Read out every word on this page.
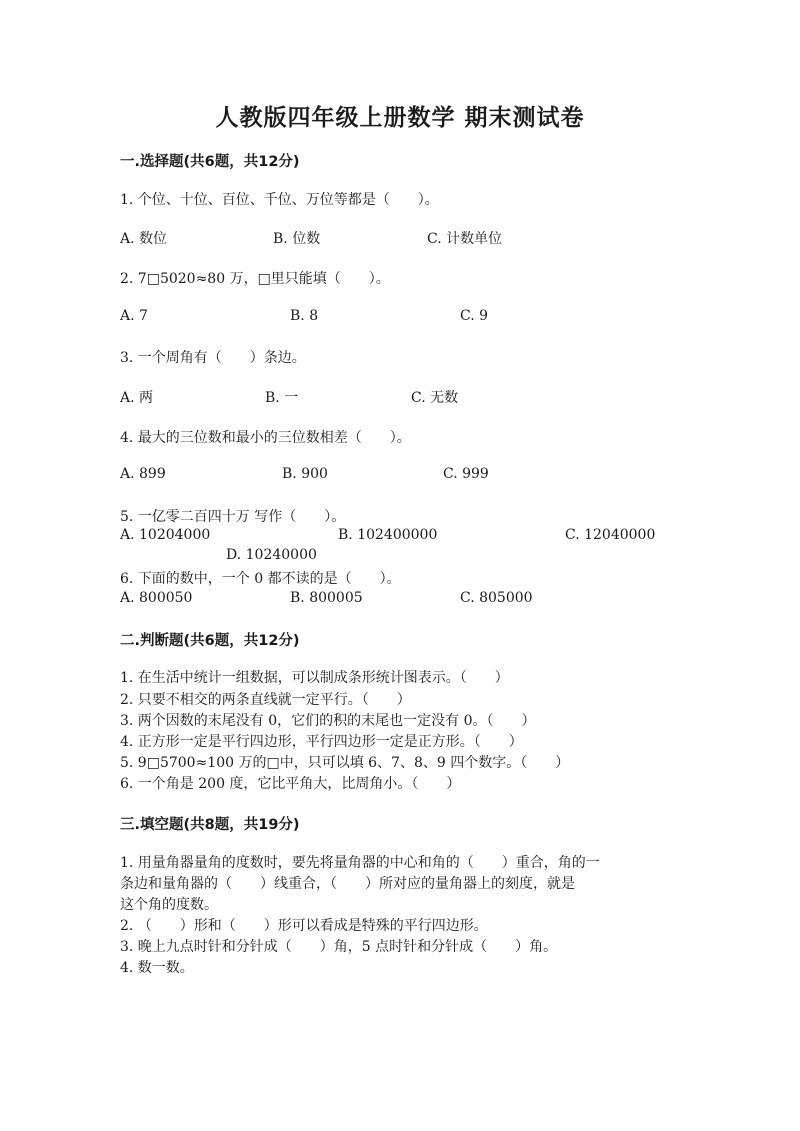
人教版四年级上册数学 期末测试卷
一.选择题(共6题，共12分)
1. 个位、十位、百位、千位、万位等都是（　　）。
A. 数位	B. 位数	C. 计数单位
2. 7□5020≈80 万，□里只能填（　　）。
A. 7	B. 8	C. 9
3. 一个周角有（　　）条边。
A. 两	B. 一	C. 无数
4. 最大的三位数和最小的三位数相差（　　）。
A. 899	B. 900	C. 999
5. 一亿零二百四十万 写作（　　）。
A. 10204000	B. 102400000	C. 12040000
D. 10240000
6. 下面的数中，一个 0 都不读的是（　　）。
A. 800050	B. 800005	C. 805000
二.判断题(共6题，共12分)
1. 在生活中统计一组数据，可以制成条形统计图表示。（　　）
2. 只要不相交的两条直线就一定平行。（　　）
3. 两个因数的末尾没有 0，它们的积的末尾也一定没有 0。（　　）
4. 正方形一定是平行四边形，平行四边形一定是正方形。（　　）
5. 9□5700≈100 万的□中，只可以填 6、7、8、9 四个数字。（　　）
6. 一个角是 200 度，它比平角大，比周角小。（　　）
三.填空题(共8题，共19分)
1. 用量角器量角的度数时，要先将量角器的中心和角的（　　）重合，角的一
条边和量角器的（　　）线重合，（　　）所对应的量角器上的刻度，就是
这个角的度数。
2. （　　）形和（　　）形可以看成是特殊的平行四边形。
3. 晚上九点时针和分针成（　　）角，5 点时针和分针成（　　）角。
4. 数一数。
